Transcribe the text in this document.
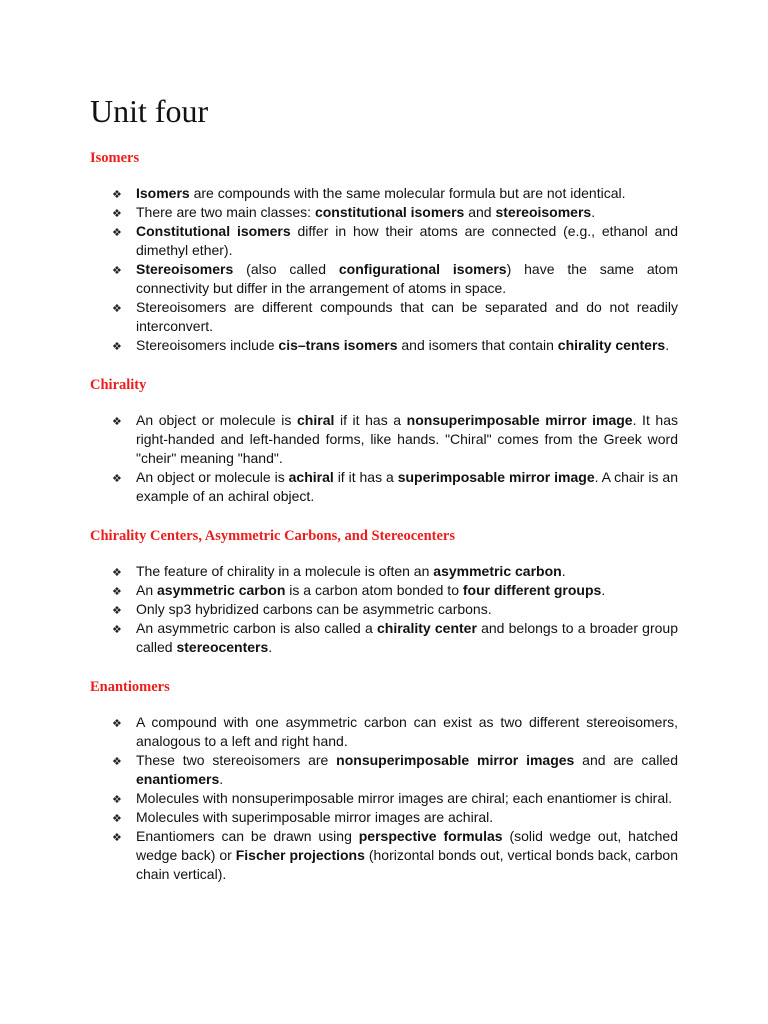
Unit four
Isomers
❖ Isomers are compounds with the same molecular formula but are not identical.
❖ There are two main classes: constitutional isomers and stereoisomers.
❖ Constitutional isomers differ in how their atoms are connected (e.g., ethanol and dimethyl ether).
❖ Stereoisomers (also called configurational isomers) have the same atom connectivity but differ in the arrangement of atoms in space.
❖ Stereoisomers are different compounds that can be separated and do not readily interconvert.
❖ Stereoisomers include cis–trans isomers and isomers that contain chirality centers.
Chirality
❖ An object or molecule is chiral if it has a nonsuperimposable mirror image. It has right-handed and left-handed forms, like hands. "Chiral" comes from the Greek word "cheir" meaning "hand".
❖ An object or molecule is achiral if it has a superimposable mirror image. A chair is an example of an achiral object.
Chirality Centers, Asymmetric Carbons, and Stereocenters
❖ The feature of chirality in a molecule is often an asymmetric carbon.
❖ An asymmetric carbon is a carbon atom bonded to four different groups.
❖ Only sp3 hybridized carbons can be asymmetric carbons.
❖ An asymmetric carbon is also called a chirality center and belongs to a broader group called stereocenters.
Enantiomers
❖ A compound with one asymmetric carbon can exist as two different stereoisomers, analogous to a left and right hand.
❖ These two stereoisomers are nonsuperimposable mirror images and are called enantiomers.
❖ Molecules with nonsuperimposable mirror images are chiral; each enantiomer is chiral.
❖ Molecules with superimposable mirror images are achiral.
❖ Enantiomers can be drawn using perspective formulas (solid wedge out, hatched wedge back) or Fischer projections (horizontal bonds out, vertical bonds back, carbon chain vertical).
